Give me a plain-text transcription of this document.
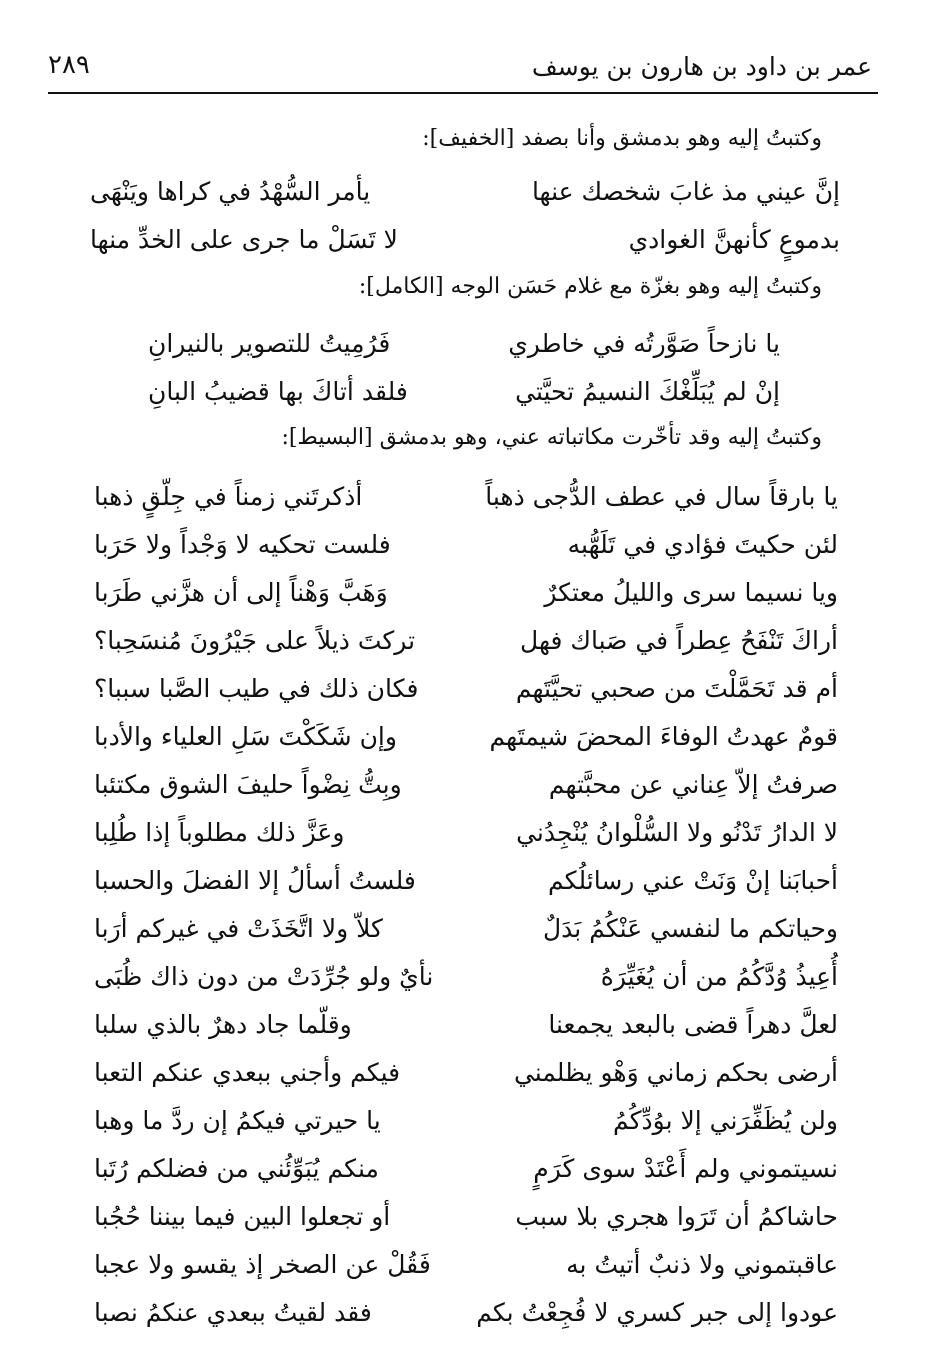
عمر بن داود بن هارون بن يوسف
٢٨٩
وكتبتُ إليه وهو بدمشق وأنا بصفد [الخفيف]:
إنَّ عيني مذ غابَ شخصك عنها
يأمر السُّهْدُ في كراها ويَنْهَى
بدموعٍ كأنهنَّ الغوادي
لا تَسَلْ ما جرى على الخدِّ منها
وكتبتُ إليه وهو بغزّة مع غلام حَسَن الوجه [الكامل]:
يا نازحاً صَوَّرتُه في خاطري
فَرُمِيتُ للتصوير بالنيرانِ
إنْ لم يُبَلِّغْكَ النسيمُ تحيَّتي
فلقد أتاكَ بها قضيبُ البانِ
وكتبتُ إليه وقد تأخّرت مكاتباته عني، وهو بدمشق [البسيط]:
يا بارقاً سال في عطف الدُّجى ذهباً
أذكرتَني زمناً في جِلّقٍ ذهبا
لئن حكيتَ فؤادي في تَلَهُّبه
فلست تحكيه لا وَجْداً ولا حَرَبا
ويا نسيما سرى والليلُ معتكرٌ
وَهَبَّ وَهْناً إلى أن هزَّني طَرَبا
أراكَ تَنْفَحُ عِطراً في صَباك فهل
تركتَ ذيلاً على جَيْرُونَ مُنسَحِبا؟
أم قد تَحَمَّلْتَ من صحبي تحيَّتَهم
فكان ذلك في طيب الصَّبا سببا؟
قومٌ عهدتُ الوفاءَ المحضَ شيمتَهم
وإن شَكَكْتَ سَلِ العلياء والأدبا
صرفتُ إلاّ عِناني عن محبَّتهم
وبِتُّ نِضْواً حليفَ الشوق مكتئبا
لا الدارُ تَدْنُو ولا السُّلْوانُ يُنْجِدُني
وعَزَّ ذلك مطلوباً إذا طُلِبا
أحبابَنا إنْ وَنَتْ عني رسائلُكم
فلستُ أسألُ إلا الفضلَ والحسبا
وحياتكم ما لنفسي عَنْكُمُ بَدَلٌ
كلاّ ولا اتَّخَذَتْ في غيركم أرَبا
أُعِيذُ وُدَّكُمُ من أن يُغَيِّرَهُ
نأيٌ ولو جُرِّدَتْ من دون ذاك ظُبَى
لعلَّ دهراً قضى بالبعد يجمعنا
وقلّما جاد دهرٌ بالذي سلبا
أرضى بحكم زماني وَهْو يظلمني
فيكم وأجني ببعدي عنكم التعبا
ولن يُظَفِّرَني إلا بوُدِّكُمُ
يا حيرتي فيكمُ إن ردَّ ما وهبا
نسيتموني ولم أَعْتَدْ سوى كَرَمٍ
منكم يُبَوِّئُني من فضلكم رُتَبا
حاشاكمُ أن تَرَوا هجري بلا سبب
أو تجعلوا البين فيما بيننا حُجُبا
عاقبتموني ولا ذنبٌ أتيتُ به
فَقُلْ عن الصخر إذ يقسو ولا عجبا
عودوا إلى جبر كسري لا فُجِعْتُ بكم
فقد لقيتُ ببعدي عنكمُ نصبا
